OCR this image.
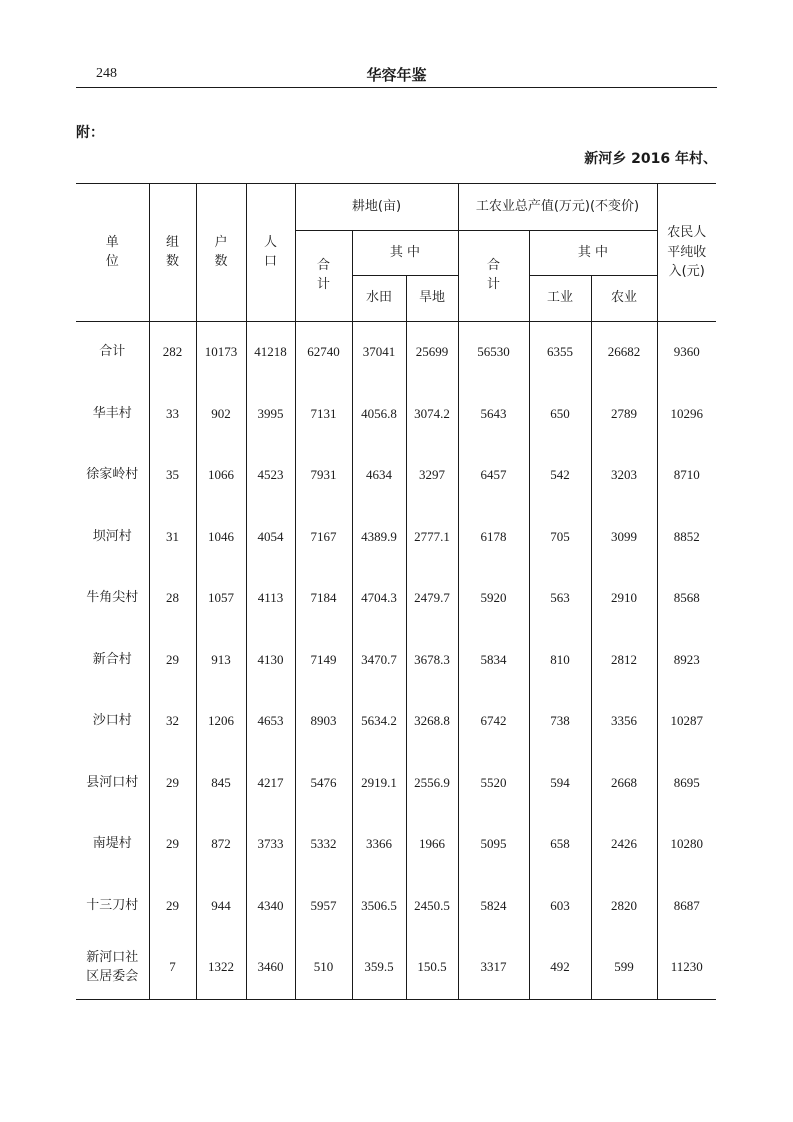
248	华容年鉴
附：
新河乡 2016 年村、
单位	组数	户数	人口	耕地(亩)			工农业总产值(万元)(不变价)			农民人平纯收入(元)
				合计	其 中		合计	其 中		
					水田	旱地		工业	农业	
合计	282	10173	41218	62740	37041	25699	56530	6355	26682	9360
华丰村	33	902	3995	7131	4056.8	3074.2	5643	650	2789	10296
徐家岭村	35	1066	4523	7931	4634	3297	6457	542	3203	8710
坝河村	31	1046	4054	7167	4389.9	2777.1	6178	705	3099	8852
牛角尖村	28	1057	4113	7184	4704.3	2479.7	5920	563	2910	8568
新合村	29	913	4130	7149	3470.7	3678.3	5834	810	2812	8923
沙口村	32	1206	4653	8903	5634.2	3268.8	6742	738	3356	10287
县河口村	29	845	4217	5476	2919.1	2556.9	5520	594	2668	8695
南堤村	29	872	3733	5332	3366	1966	5095	658	2426	10280
十三刀村	29	944	4340	5957	3506.5	2450.5	5824	603	2820	8687
新河口社区居委会	7	1322	3460	510	359.5	150.5	3317	492	599	11230
